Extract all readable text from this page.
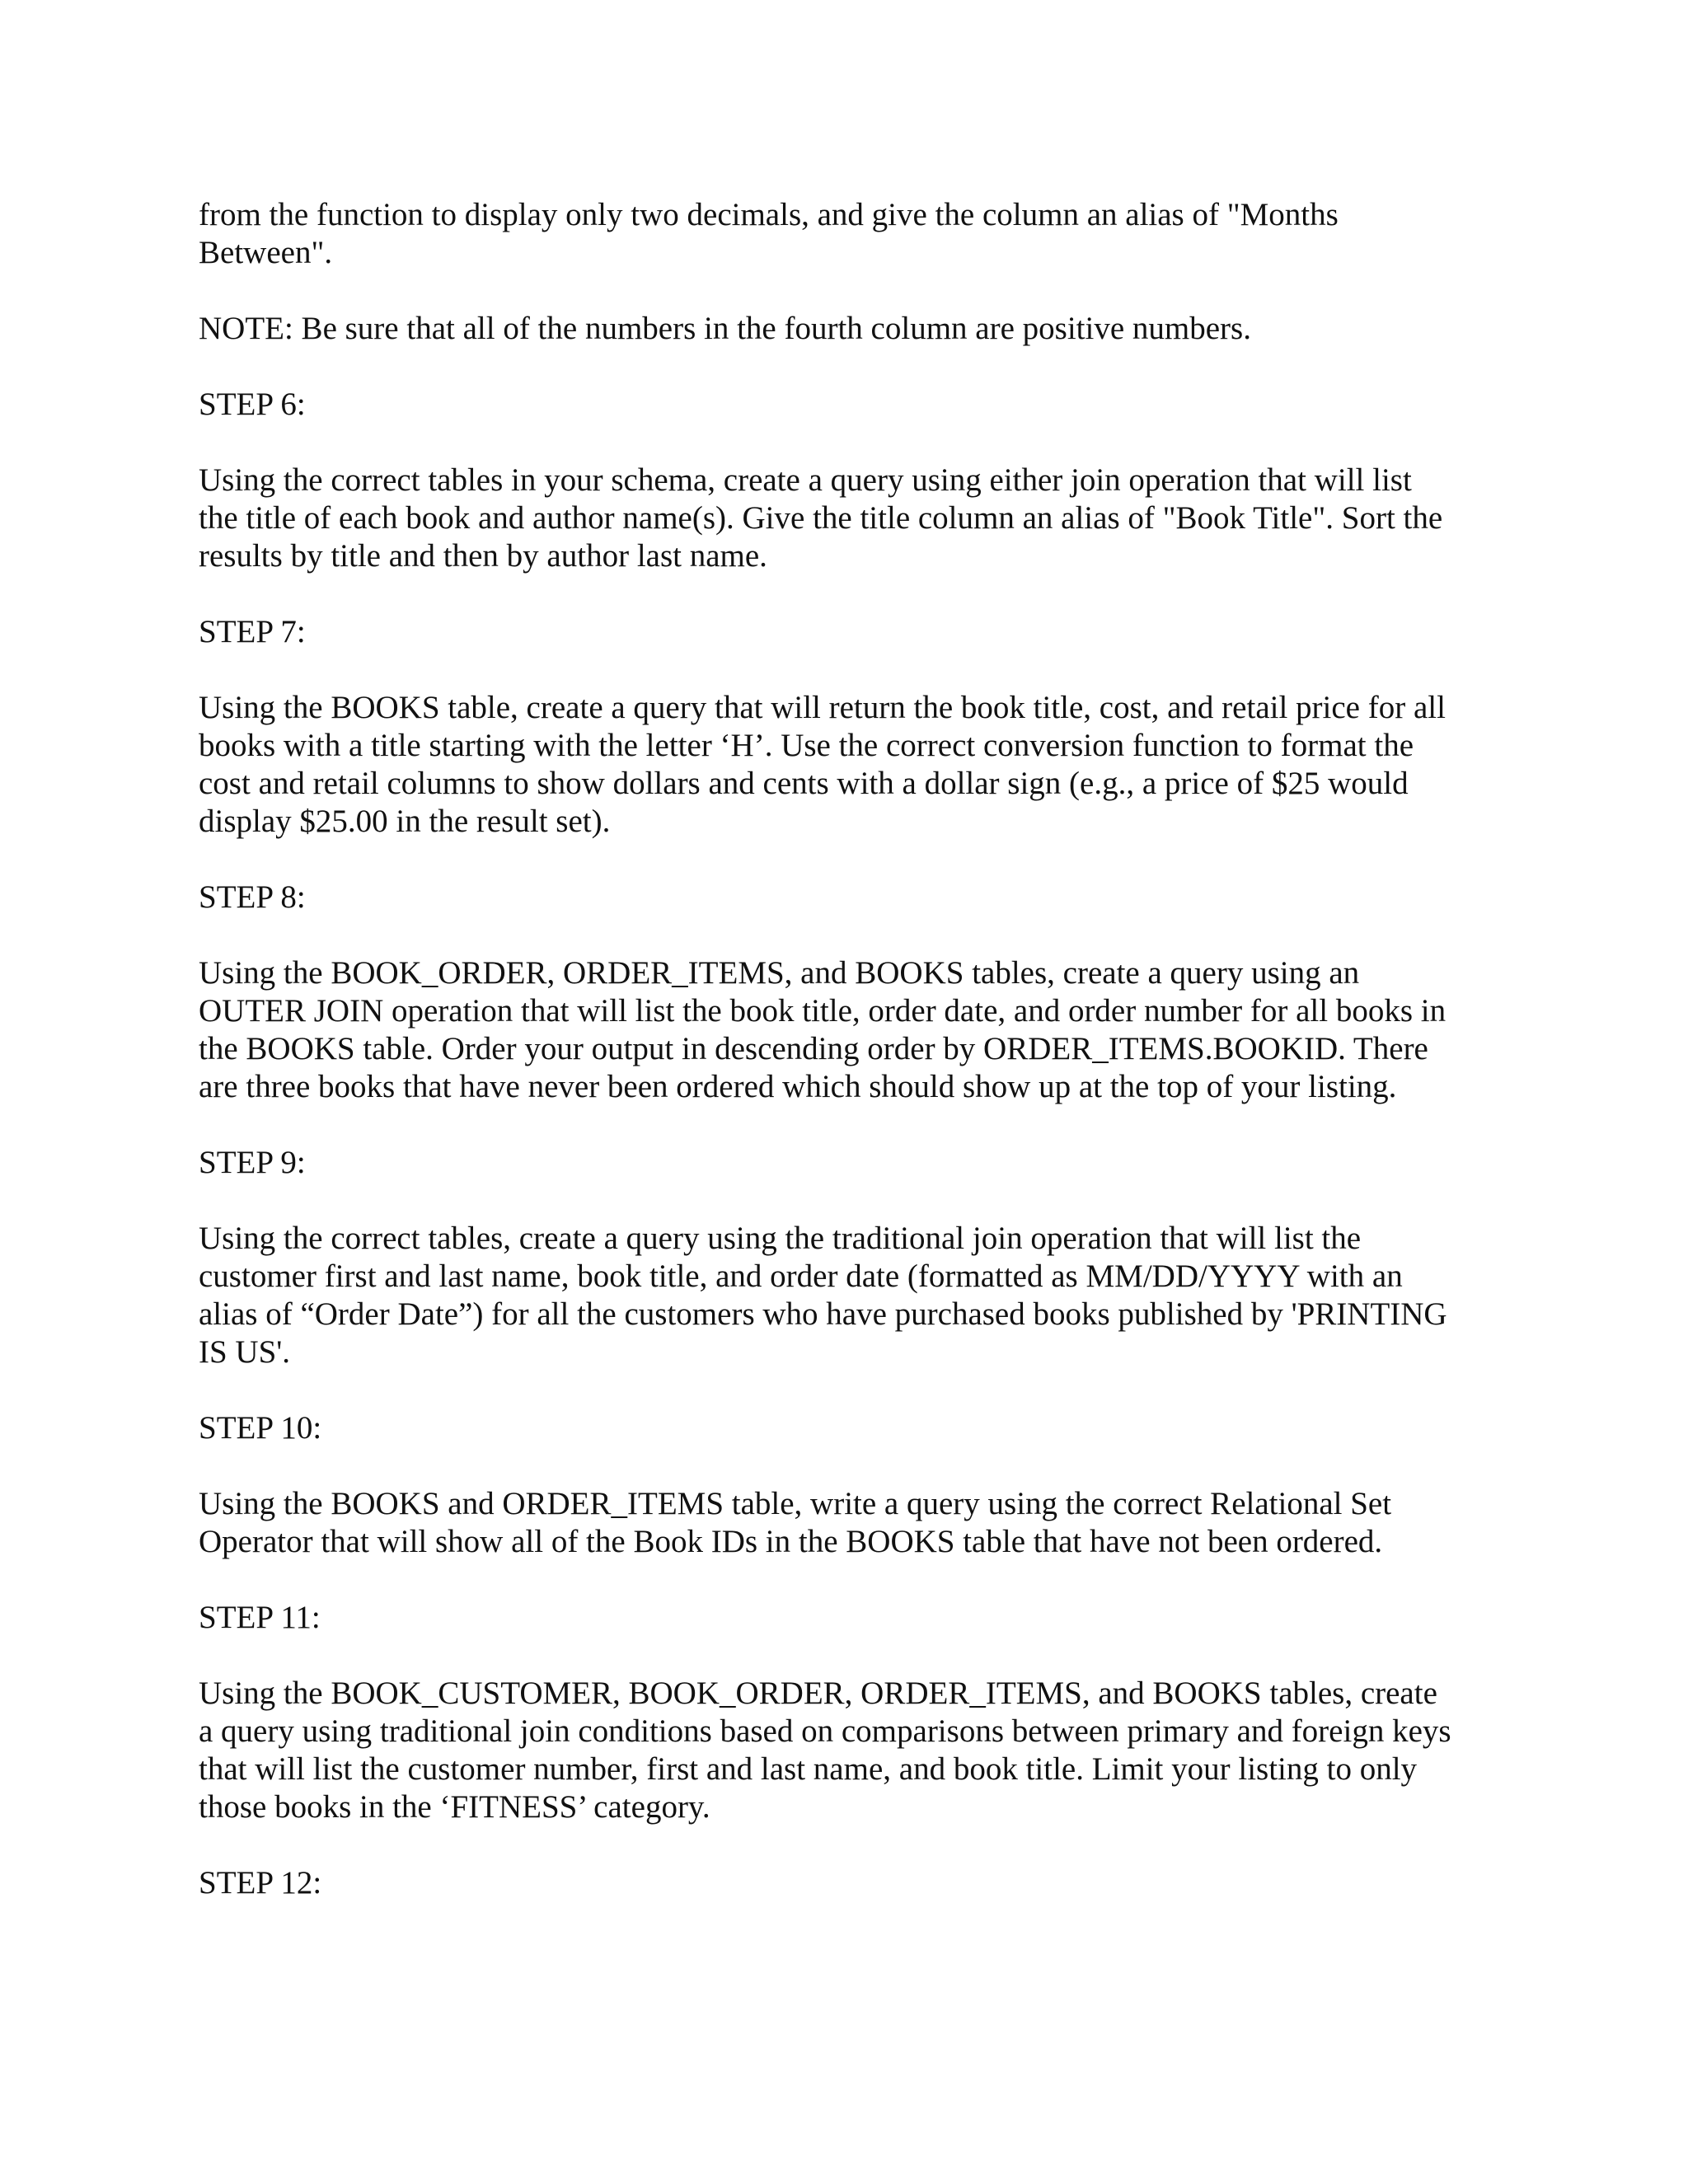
from the function to display only two decimals, and give the column an alias of "Months
Between".

NOTE: Be sure that all of the numbers in the fourth column are positive numbers.

STEP 6:

Using the correct tables in your schema, create a query using either join operation that will list
the title of each book and author name(s). Give the title column an alias of "Book Title". Sort the
results by title and then by author last name.

STEP 7:

Using the BOOKS table, create a query that will return the book title, cost, and retail price for all
books with a title starting with the letter ‘H’. Use the correct conversion function to format the
cost and retail columns to show dollars and cents with a dollar sign (e.g., a price of $25 would
display $25.00 in the result set).

STEP 8:

Using the BOOK_ORDER, ORDER_ITEMS, and BOOKS tables, create a query using an
OUTER JOIN operation that will list the book title, order date, and order number for all books in
the BOOKS table. Order your output in descending order by ORDER_ITEMS.BOOKID. There
are three books that have never been ordered which should show up at the top of your listing.

STEP 9:

Using the correct tables, create a query using the traditional join operation that will list the
customer first and last name, book title, and order date (formatted as MM/DD/YYYY with an
alias of “Order Date”) for all the customers who have purchased books published by 'PRINTING
IS US'.

STEP 10:

Using the BOOKS and ORDER_ITEMS table, write a query using the correct Relational Set
Operator that will show all of the Book IDs in the BOOKS table that have not been ordered.

STEP 11:

Using the BOOK_CUSTOMER, BOOK_ORDER, ORDER_ITEMS, and BOOKS tables, create
a query using traditional join conditions based on comparisons between primary and foreign keys
that will list the customer number, first and last name, and book title. Limit your listing to only
those books in the ‘FITNESS’ category.

STEP 12:
